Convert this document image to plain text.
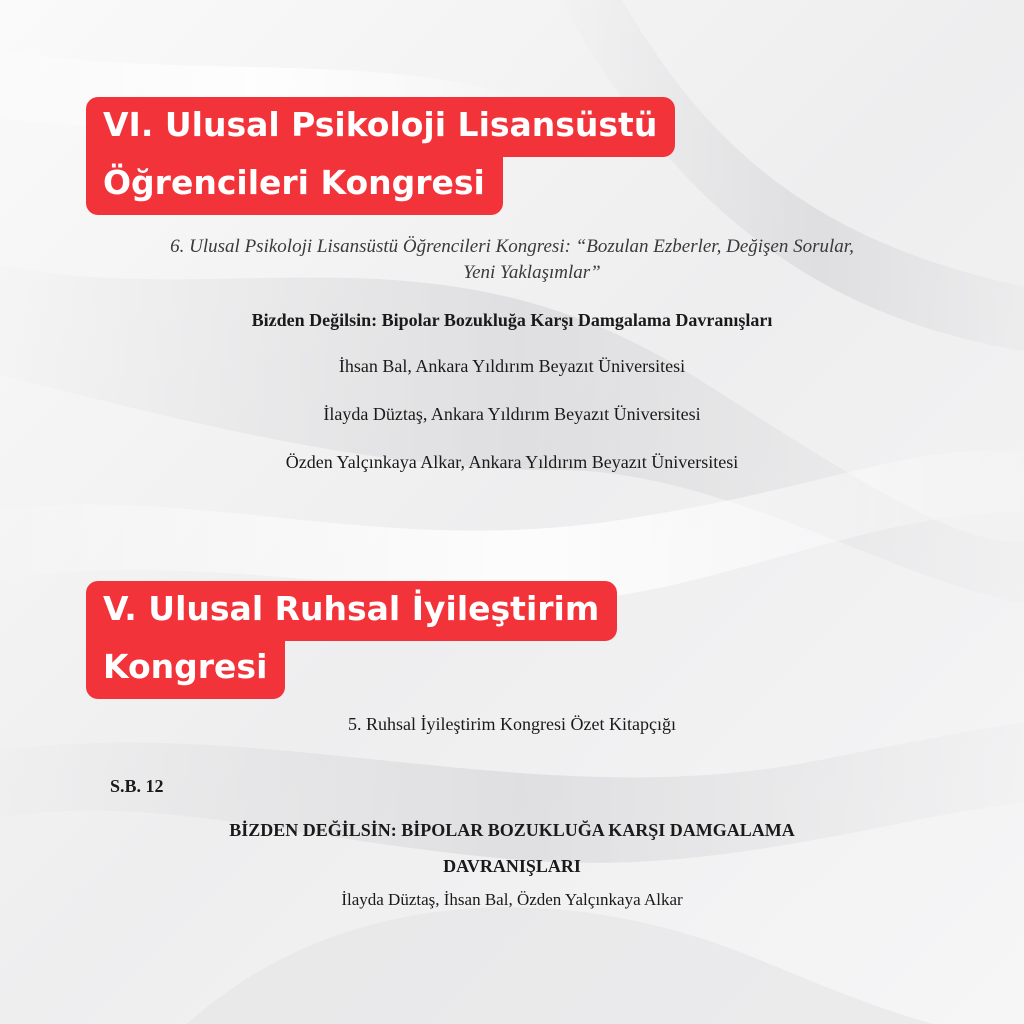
VI. Ulusal Psikoloji Lisansüstü
Öğrencileri Kongresi
6. Ulusal Psikoloji Lisansüstü Öğrencileri Kongresi: “Bozulan Ezberler, Değişen Sorular,
Yeni Yaklaşımlar”
Bizden Değilsin: Bipolar Bozukluğa Karşı Damgalama Davranışları
İhsan Bal, Ankara Yıldırım Beyazıt Üniversitesi
İlayda Düztaş, Ankara Yıldırım Beyazıt Üniversitesi
Özden Yalçınkaya Alkar, Ankara Yıldırım Beyazıt Üniversitesi
V. Ulusal Ruhsal İyileştirim
Kongresi
5. Ruhsal İyileştirim Kongresi Özet Kitapçığı
S.B. 12
BİZDEN DEĞİLSİN: BİPOLAR BOZUKLUĞA KARŞI DAMGALAMA
DAVRANIŞLARI
İlayda Düztaş, İhsan Bal, Özden Yalçınkaya Alkar
